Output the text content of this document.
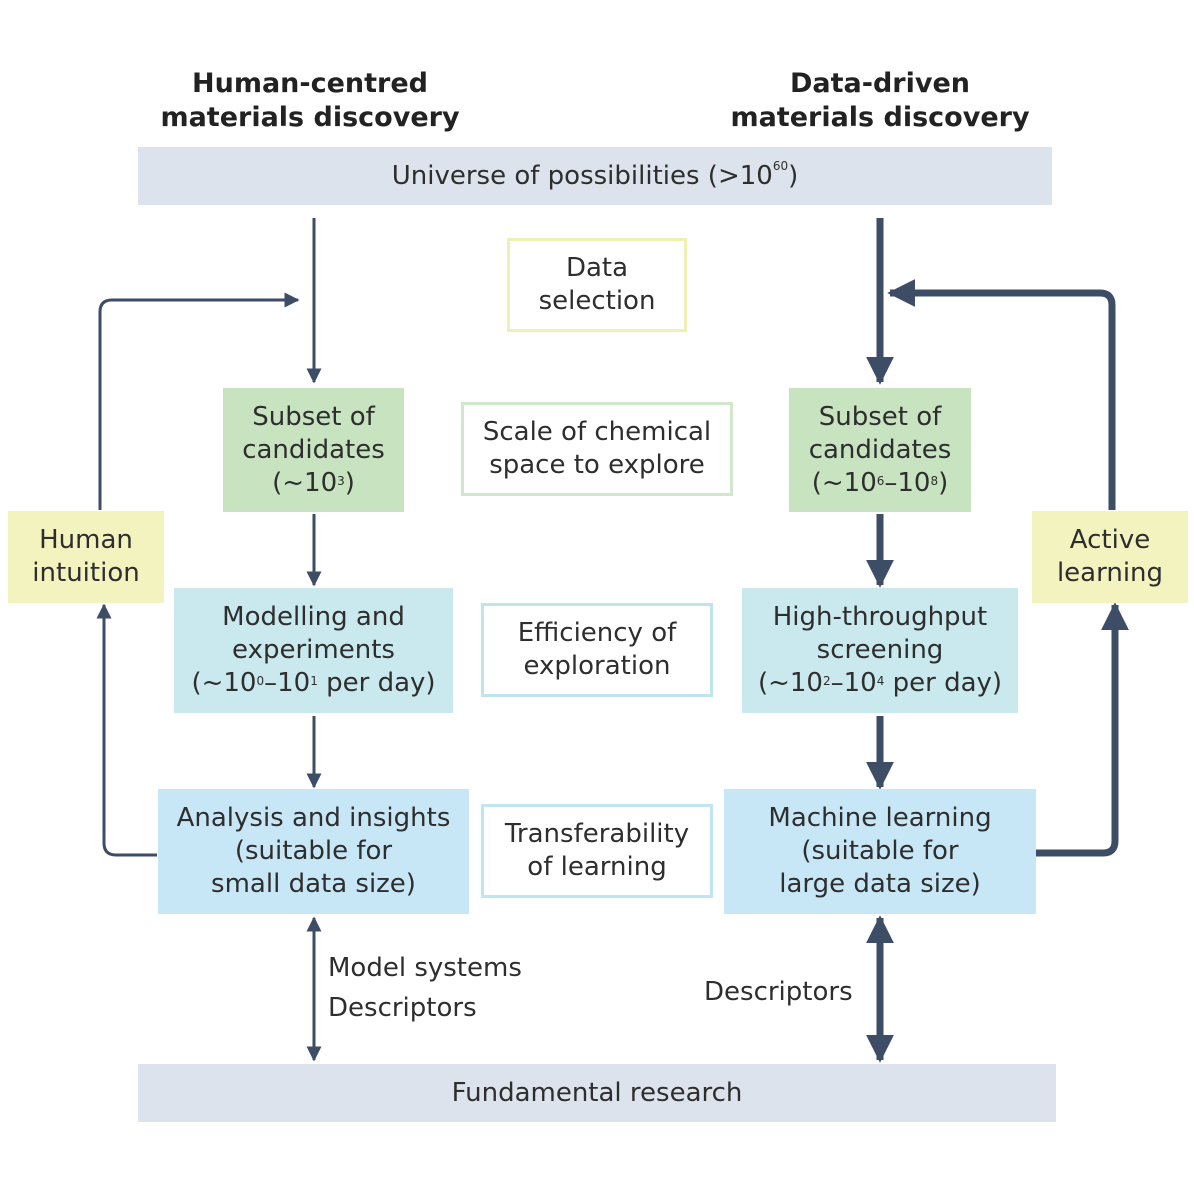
Human-centred
materials discovery
Data-driven
materials discovery
Universe of possibilities $(>10^{60})$
Data
selection
Scale of chemical
space to explore
Efficiency of
exploration
Transferability
of learning
Subset of
candidates
$(\sim 10^3)$
Modelling and
experiments
($\sim 10^0-10^1$ per day)
Analysis and insights
(suitable for
small data size)
Human
intuition
Model systems
Descriptors
Subset of
candidates
$(\sim 10^6-10^8)$
High-throughput
screening
($\sim 10^2-10^4$ per day)
Machine learning
(suitable for
large data size)
Active
learning
Descriptors
Fundamental research
